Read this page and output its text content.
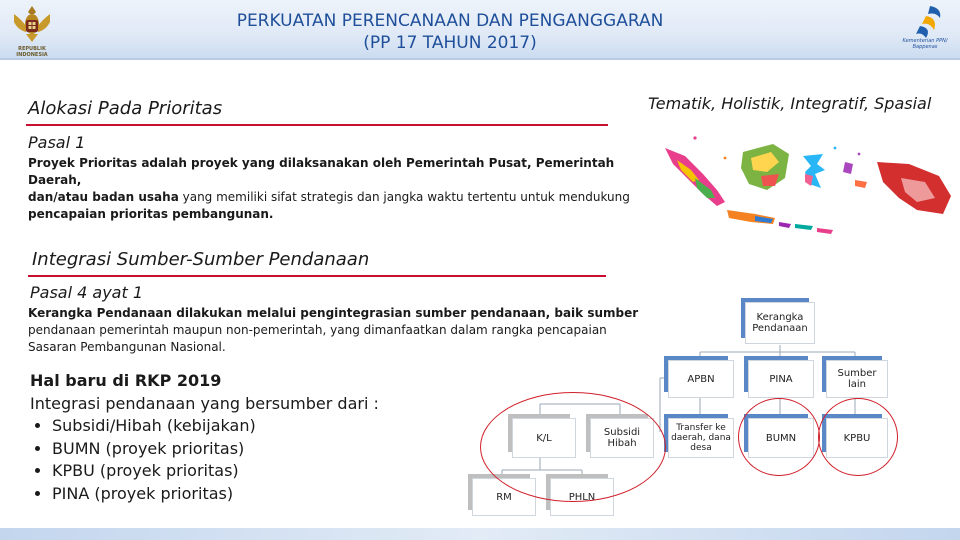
REPUBLIK
INDONESIA
PERKUATAN PERENCANAAN DAN PENGANGGARAN
(PP 17 TAHUN 2017)	Kementerian PPN/
Bappenas
Alokasi Pada Prioritas	Tematik, Holistik, Integratif, Spasial
Pasal 1
Proyek Prioritas adalah proyek yang dilaksanakan oleh Pemerintah Pusat, Pemerintah Daerah,
dan/atau badan usaha yang memiliki sifat strategis dan jangka waktu tertentu untuk mendukung
pencapaian prioritas pembangunan.
Integrasi Sumber-Sumber Pendanaan
Pasal 4 ayat 1
Kerangka Pendanaan dilakukan melalui pengintegrasian sumber pendanaan, baik sumber
pendanaan pemerintah maupun non-pemerintah, yang dimanfaatkan dalam rangka pencapaian
Sasaran Pembangunan Nasional.
Hal baru di RKP 2019
Integrasi pendanaan yang bersumber dari :
• Subsidi/Hibah (kebijakan)
• BUMN (proyek prioritas)
• KPBU (proyek prioritas)
• PINA (proyek prioritas)
Kerangka Pendanaan
APBN	PINA	Sumber lain
K/L	Subsidi Hibah
Transfer ke daerah, dana desa
BUMN	KPBU
RM	PHLN
